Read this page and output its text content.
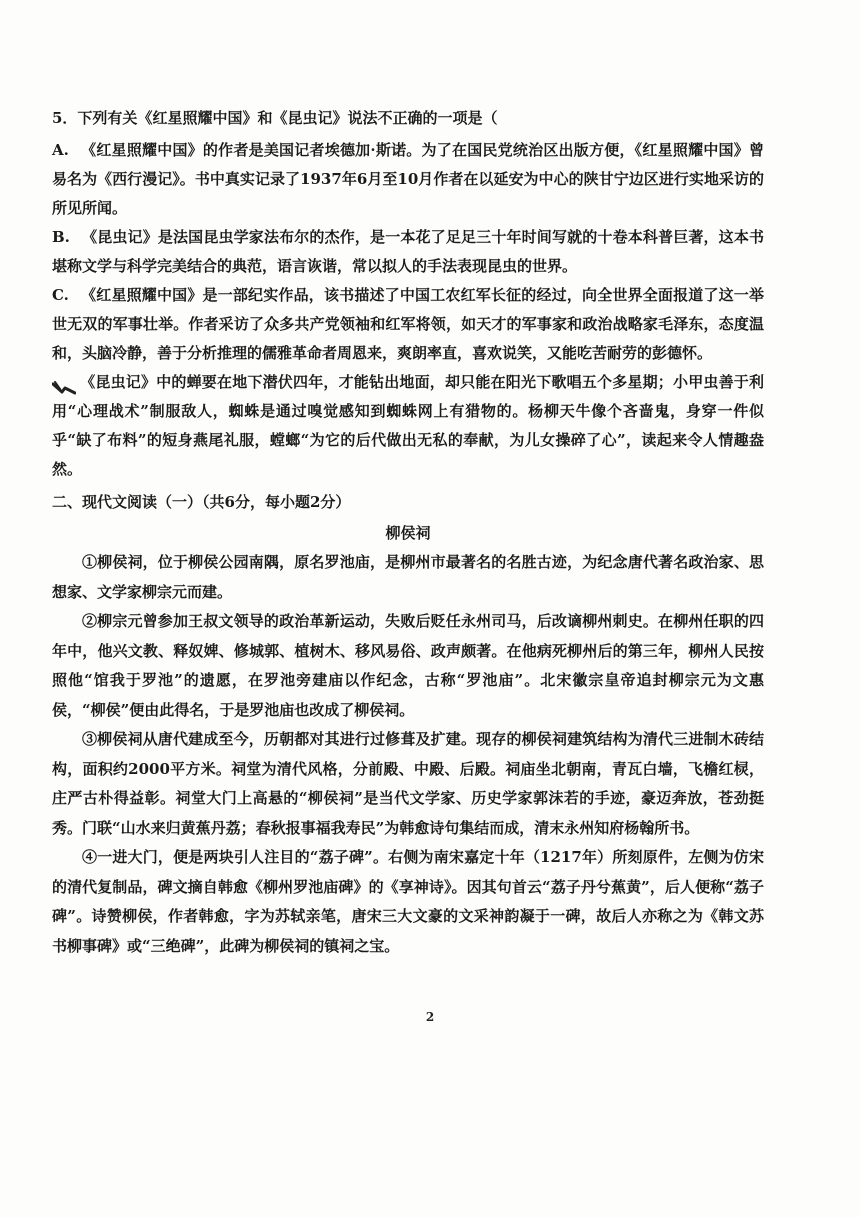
5．下列有关《红星照耀中国》和《昆虫记》说法不正确的一项是（

A. 《红星照耀中国》的作者是美国记者埃德加·斯诺。为了在国民党统治区出版方便，《红星照耀中国》曾易名为《西行漫记》。书中真实记录了1937年6月至10月作者在以延安为中心的陕甘宁边区进行实地采访的所见所闻。

B. 《昆虫记》是法国昆虫学家法布尔的杰作，是一本花了足足三十年时间写就的十卷本科普巨著，这本书堪称文学与科学完美结合的典范，语言诙谐，常以拟人的手法表现昆虫的世界。

C. 《红星照耀中国》是一部纪实作品，该书描述了中国工农红军长征的经过，向全世界全面报道了这一举世无双的军事壮举。作者采访了众多共产党领袖和红军将领，如天才的军事家和政治战略家毛泽东，态度温和，头脑冷静，善于分析推理的儒雅革命者周恩来，爽朗率直，喜欢说笑，又能吃苦耐劳的彭德怀。

《昆虫记》中的蝉要在地下潜伏四年，才能钻出地面，却只能在阳光下歌唱五个多星期；小甲虫善于利用“心理战术”制服敌人，蜘蛛是通过嗅觉感知到蜘蛛网上有猎物的。杨柳天牛像个吝啬鬼，身穿一件似乎“缺了布料”的短身燕尾礼服，螳螂“为它的后代做出无私的奉献，为儿女操碎了心”，读起来令人情趣盎然。

二、现代文阅读（一）（共6分，每小题2分）

柳侯祠

①柳侯祠，位于柳侯公园南隅，原名罗池庙，是柳州市最著名的名胜古迹，为纪念唐代著名政治家、思想家、文学家柳宗元而建。

②柳宗元曾参加王叔文领导的政治革新运动，失败后贬任永州司马，后改谪柳州刺史。在柳州任职的四年中，他兴文教、释奴婢、修城郭、植树木、移风易俗、政声颇著。在他病死柳州后的第三年，柳州人民按照他“馆我于罗池”的遗愿，在罗池旁建庙以作纪念，古称“罗池庙”。北宋徽宗皇帝追封柳宗元为文惠侯，“柳侯”便由此得名，于是罗池庙也改成了柳侯祠。

③柳侯祠从唐代建成至今，历朝都对其进行过修葺及扩建。现存的柳侯祠建筑结构为清代三进制木砖结构，面积约2000平方米。祠堂为清代风格，分前殿、中殿、后殿。祠庙坐北朝南，青瓦白墙，飞檐红棂，庄严古朴得益彰。祠堂大门上高悬的“柳侯祠”是当代文学家、历史学家郭沫若的手迹，豪迈奔放，苍劲挺秀。门联“山水来归黄蕉丹荔；春秋报事福我寿民”为韩愈诗句集结而成，清末永州知府杨翰所书。

④一进大门，便是两块引人注目的“荔子碑”。右侧为南宋嘉定十年（1217年）所刻原件，左侧为仿宋的清代复制品，碑文摘自韩愈《柳州罗池庙碑》的《享神诗》。因其句首云“荔子丹兮蕉黄”，后人便称“荔子碑”。诗赞柳侯，作者韩愈，字为苏轼亲笔，唐宋三大文豪的文采神韵凝于一碑，故后人亦称之为《韩文苏书柳事碑》或“三绝碑”，此碑为柳侯祠的镇祠之宝。

2
